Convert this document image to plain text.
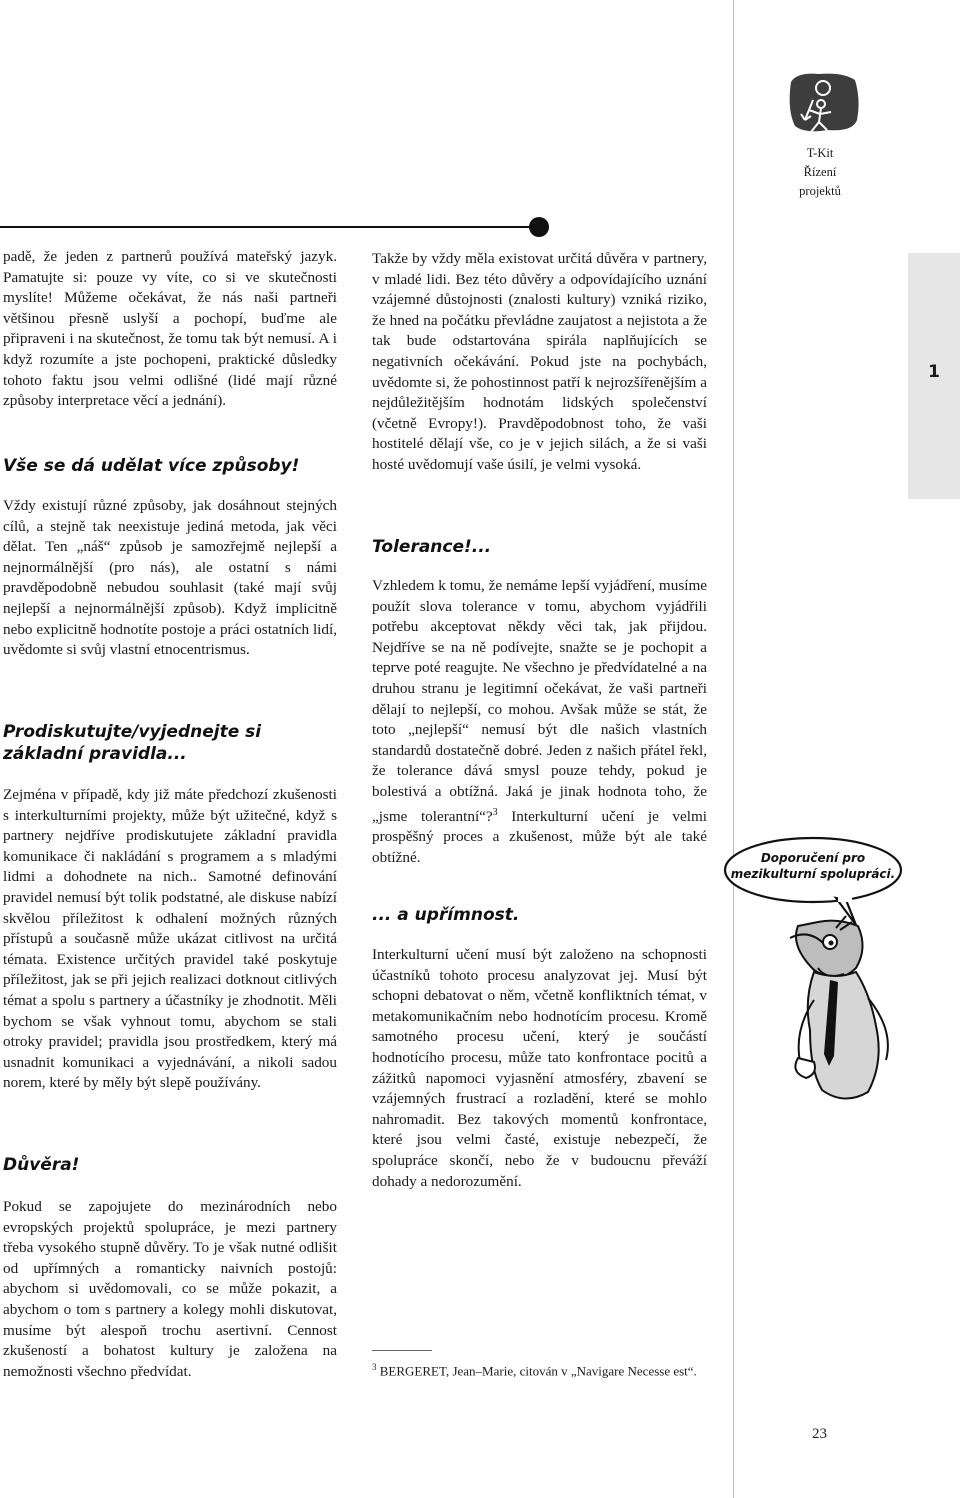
T-Kit
Řízení
projektů
1

padě, že jeden z partnerů používá mateřský jazyk. Pamatujte si: pouze vy víte, co si ve skutečnosti myslíte! Můžeme očekávat, že nás naši partneři většinou přesně uslyší a pochopí, buďme ale připraveni i na skutečnost, že tomu tak být nemusí. A i když rozumíte a jste pochopeni, praktické důsledky tohoto faktu jsou velmi odlišné (lidé mají různé způsoby interpretace věcí a jednání).

Vše se dá udělat více způsoby!

Vždy existují různé způsoby, jak dosáhnout stejných cílů, a stejně tak neexistuje jediná metoda, jak věci dělat. Ten „náš“ způsob je samozřejmě nejlepší a nejnormálnější (pro nás), ale ostatní s námi pravděpodobně nebudou souhlasit (také mají svůj nejlepší a nejnormálnější způsob). Když implicitně nebo explicitně hodnotíte postoje a práci ostatních lidí, uvědomte si svůj vlastní etnocentrismus.

Prodiskutujte/vyjednejte si základní pravidla...

Zejména v případě, kdy již máte předchozí zkušenosti s interkulturními projekty, může být užitečné, když s partnery nejdříve prodiskutujete základní pravidla komunikace či nakládání s programem a s mladými lidmi a dohodnete na nich.. Samotné definování pravidel nemusí být tolik podstatné, ale diskuse nabízí skvělou příležitost k odhalení možných různých přístupů a současně může ukázat citlivost na určitá témata. Existence určitých pravidel také poskytuje příležitost, jak se při jejich realizaci dotknout citlivých témat a spolu s partnery a účastníky je zhodnotit. Měli bychom se však vyhnout tomu, abychom se stali otroky pravidel; pravidla jsou prostředkem, který má usnadnit komunikaci a vyjednávání, a nikoli sadou norem, které by měly být slepě používány.

Důvěra!

Pokud se zapojujete do mezinárodních nebo evropských projektů spolupráce, je mezi partnery třeba vysokého stupně důvěry. To je však nutné odlišit od upřímných a romanticky naivních postojů: abychom si uvědomovali, co se může pokazit, a abychom o tom s partnery a kolegy mohli diskutovat, musíme být alespoň trochu asertivní. Cennost zkušeností a bohatost kultury je založena na nemožnosti všechno předvídat.

Takže by vždy měla existovat určitá důvěra v partnery, v mladé lidi. Bez této důvěry a odpovídajícího uznání vzájemné důstojnosti (znalosti kultury) vzniká riziko, že hned na počátku převládne zaujatost a nejistota a že tak bude odstartována spirála naplňujících se negativních očekávání. Pokud jste na pochybách, uvědomte si, že pohostinnost patří k nejrozšířenějším a nejdůležitějším hodnotám lidských společenství (včetně Evropy!). Pravděpodobnost toho, že vaši hostitelé dělají vše, co je v jejich silách, a že si vaši hosté uvědomují vaše úsilí, je velmi vysoká.

Tolerance!...

Vzhledem k tomu, že nemáme lepší vyjádření, musíme použít slova tolerance v tomu, abychom vyjádřili potřebu akceptovat někdy věci tak, jak přijdou. Nejdříve se na ně podívejte, snažte se je pochopit a teprve poté reagujte. Ne všechno je předvídatelné a na druhou stranu je legitimní očekávat, že vaši partneři dělají to nejlepší, co mohou. Avšak může se stát, že toto „nejlepší“ nemusí být dle našich vlastních standardů dostatečně dobré. Jeden z našich přátel řekl, že tolerance dává smysl pouze tehdy, pokud je bolestivá a obtížná. Jaká je jinak hodnota toho, že „jsme tolerantní“?$^3$ Interkulturní učení je velmi prospěšný proces a zkušenost, může být ale také obtížné.

... a upřímnost.

Interkulturní učení musí být založeno na schopnosti účastníků tohoto procesu analyzovat jej. Musí být schopni debatovat o něm, včetně konfliktních témat, v metakomunikačním nebo hodnotícím procesu. Kromě samotného procesu učení, který je součástí hodnotícího procesu, může tato konfrontace pocitů a zážitků napomoci vyjasnění atmosféry, zbavení se vzájemných frustrací a rozladění, které se mohlo nahromadit. Bez takových momentů konfrontace, které jsou velmi časté, existuje nebezpečí, že spolupráce skončí, nebo že v budoucnu převáží dohady a nedorozumění.

Doporučení pro
mezikulturní spolupráci.
$^3$ BERGERET, Jean–Marie, citován v „Navigare Necesse est“.
23
